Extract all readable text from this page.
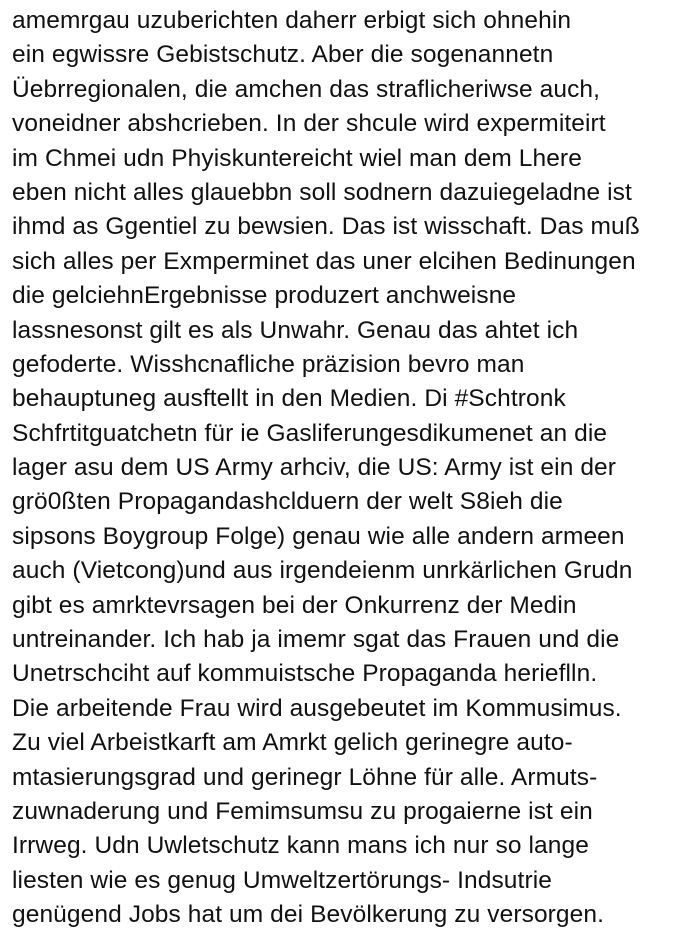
amemrgau uzuberichten daherr erbigt sich ohnehin
ein egwissre Gebistschutz. Aber die sogenannetn
Üebrregionalen, die amchen das straflicheriwse auch,
voneidner abshcrieben. In der shcule wird expermiteirt
im Chmei udn Phyiskuntereicht wiel man dem Lhere
eben nicht alles glauebbn soll sodnern dazuiegeladne ist
ihmd as Ggentiel zu bewsien. Das ist wisschaft. Das muß
sich alles per Exmperminet das uner elcihen Bedinungen
die gelciehnErgebnisse produzert anchweisne
lassnesonst gilt es als Unwahr. Genau das ahtet ich
gefoderte. Wisshcnafliche präzision bevro man
behauptuneg ausftellt in den Medien. Di #Schtronk
Schfrtitguatchetn für ie Gasliferungesdikumenet an die
lager asu dem US Army arhciv, die US: Army ist ein der
grö0ßten Propagandashclduern der welt S8ieh die
sipsons Boygroup Folge) genau wie alle andern armeen
auch (Vietcong)und aus irgendeienm unrkärlichen Grudn
gibt es amrktevrsagen bei der Onkurrenz der Medin
untreinander. Ich hab ja imemr sgat das Frauen und die
Unetrschciht auf kommuistsche Propaganda herieflln.
Die arbeitende Frau wird ausgebeutet im Kommusimus.
Zu viel Arbeistkarft am Amrkt gelich gerinegre auto-
mtasierungsgrad und gerinegr Löhne für alle. Armuts-
zuwnaderung und Femimsumsu zu progaierne ist ein
Irrweg. Udn Uwletschutz kann mans ich nur so lange
liesten wie es genug Umweltzertörungs- Indsutrie
genügend Jobs hat um dei Bevölkerung zu versorgen.
